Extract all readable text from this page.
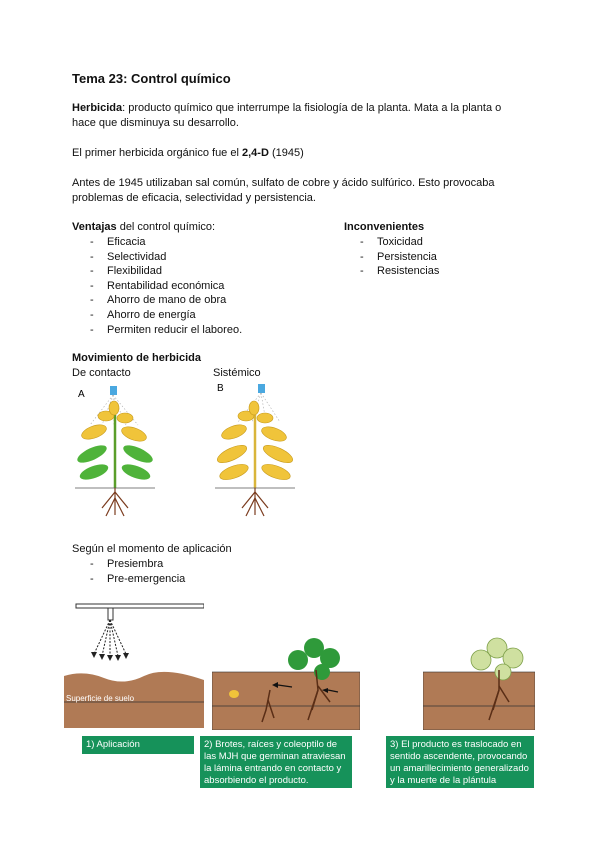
Tema 23: Control químico
Herbicida: producto químico que interrumpe la fisiología de la planta. Mata a la planta o
hace que disminuya su desarrollo.
El primer herbicida orgánico fue el 2,4-D (1945)
Antes de 1945 utilizaban sal común, sulfato de cobre y ácido sulfúrico. Esto provocaba
problemas de eficacia, selectividad y persistencia.
Ventajas del control químico:
- Eficacia
- Selectividad
- Flexibilidad
- Rentabilidad económica
- Ahorro de mano de obra
- Ahorro de energía
- Permiten reducir el laboreo.
Inconvenientes
- Toxicidad
- Persistencia
- Resistencias
Movimiento de herbicida
De contacto	Sistémico
A
B
Según el momento de aplicación
- Presiembra
- Pre-emergencia
Superficie de suelo
1) Aplicación	2) Brotes, raíces y coleoptilo de las MJH que germinan atraviesan la lámina entrando en contacto y absorbiendo el producto.
3) El producto es traslocado en sentido ascendente, provocando un amarillecimiento generalizado y la muerte de la plántula
